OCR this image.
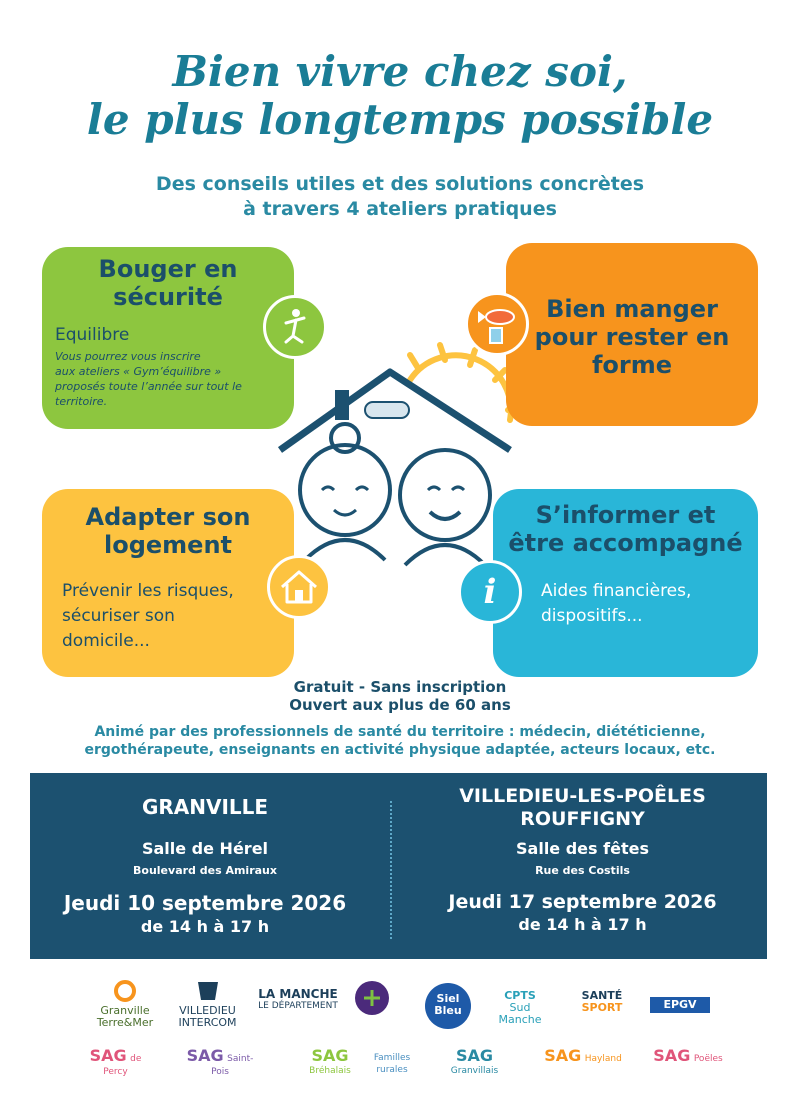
Bien vivre chez soi,
le plus longtemps possible
Des conseils utiles et des solutions concrètes
à travers 4 ateliers pratiques
Bouger en
sécurité
Equilibre
Vous pourrez vous inscrire
aux ateliers « Gym’équilibre »
proposés toute l’année sur tout le
territoire.
Bien manger
pour rester en
forme
Adapter son
logement
Prévenir les risques,
sécuriser son
domicile...
S’informer et
être accompagné
Aides financières,
dispositifs...
i
Gratuit - Sans inscription
Ouvert aux plus de 60 ans
Animé par des professionnels de santé du territoire : médecin, diététicienne,
ergothérapeute, enseignants en activité physique adaptée, acteurs locaux, etc.
GRANVILLE
Salle de Hérel
Boulevard des Amiraux
Jeudi 10 septembre 2026
de 14 h à 17 h
VILLEDIEU-LES-POÊLES
ROUFFIGNY
Salle des fêtes
Rue des Costils
Jeudi 17 septembre 2026
de 14 h à 17 h
Granville
Terre&Mer
VILLEDIEU
INTERCOM
LA MANCHE
LE DÉPARTEMENT
Siel
Bleu
CPTS
Sud Manche
SANTÉ
SPORT	EPGV
SAG de Percy
SAG Saint-Pois
SAG Bréhalais
Familles
rurales
SAG Granvillais
SAG Hayland	SAG Poëles
